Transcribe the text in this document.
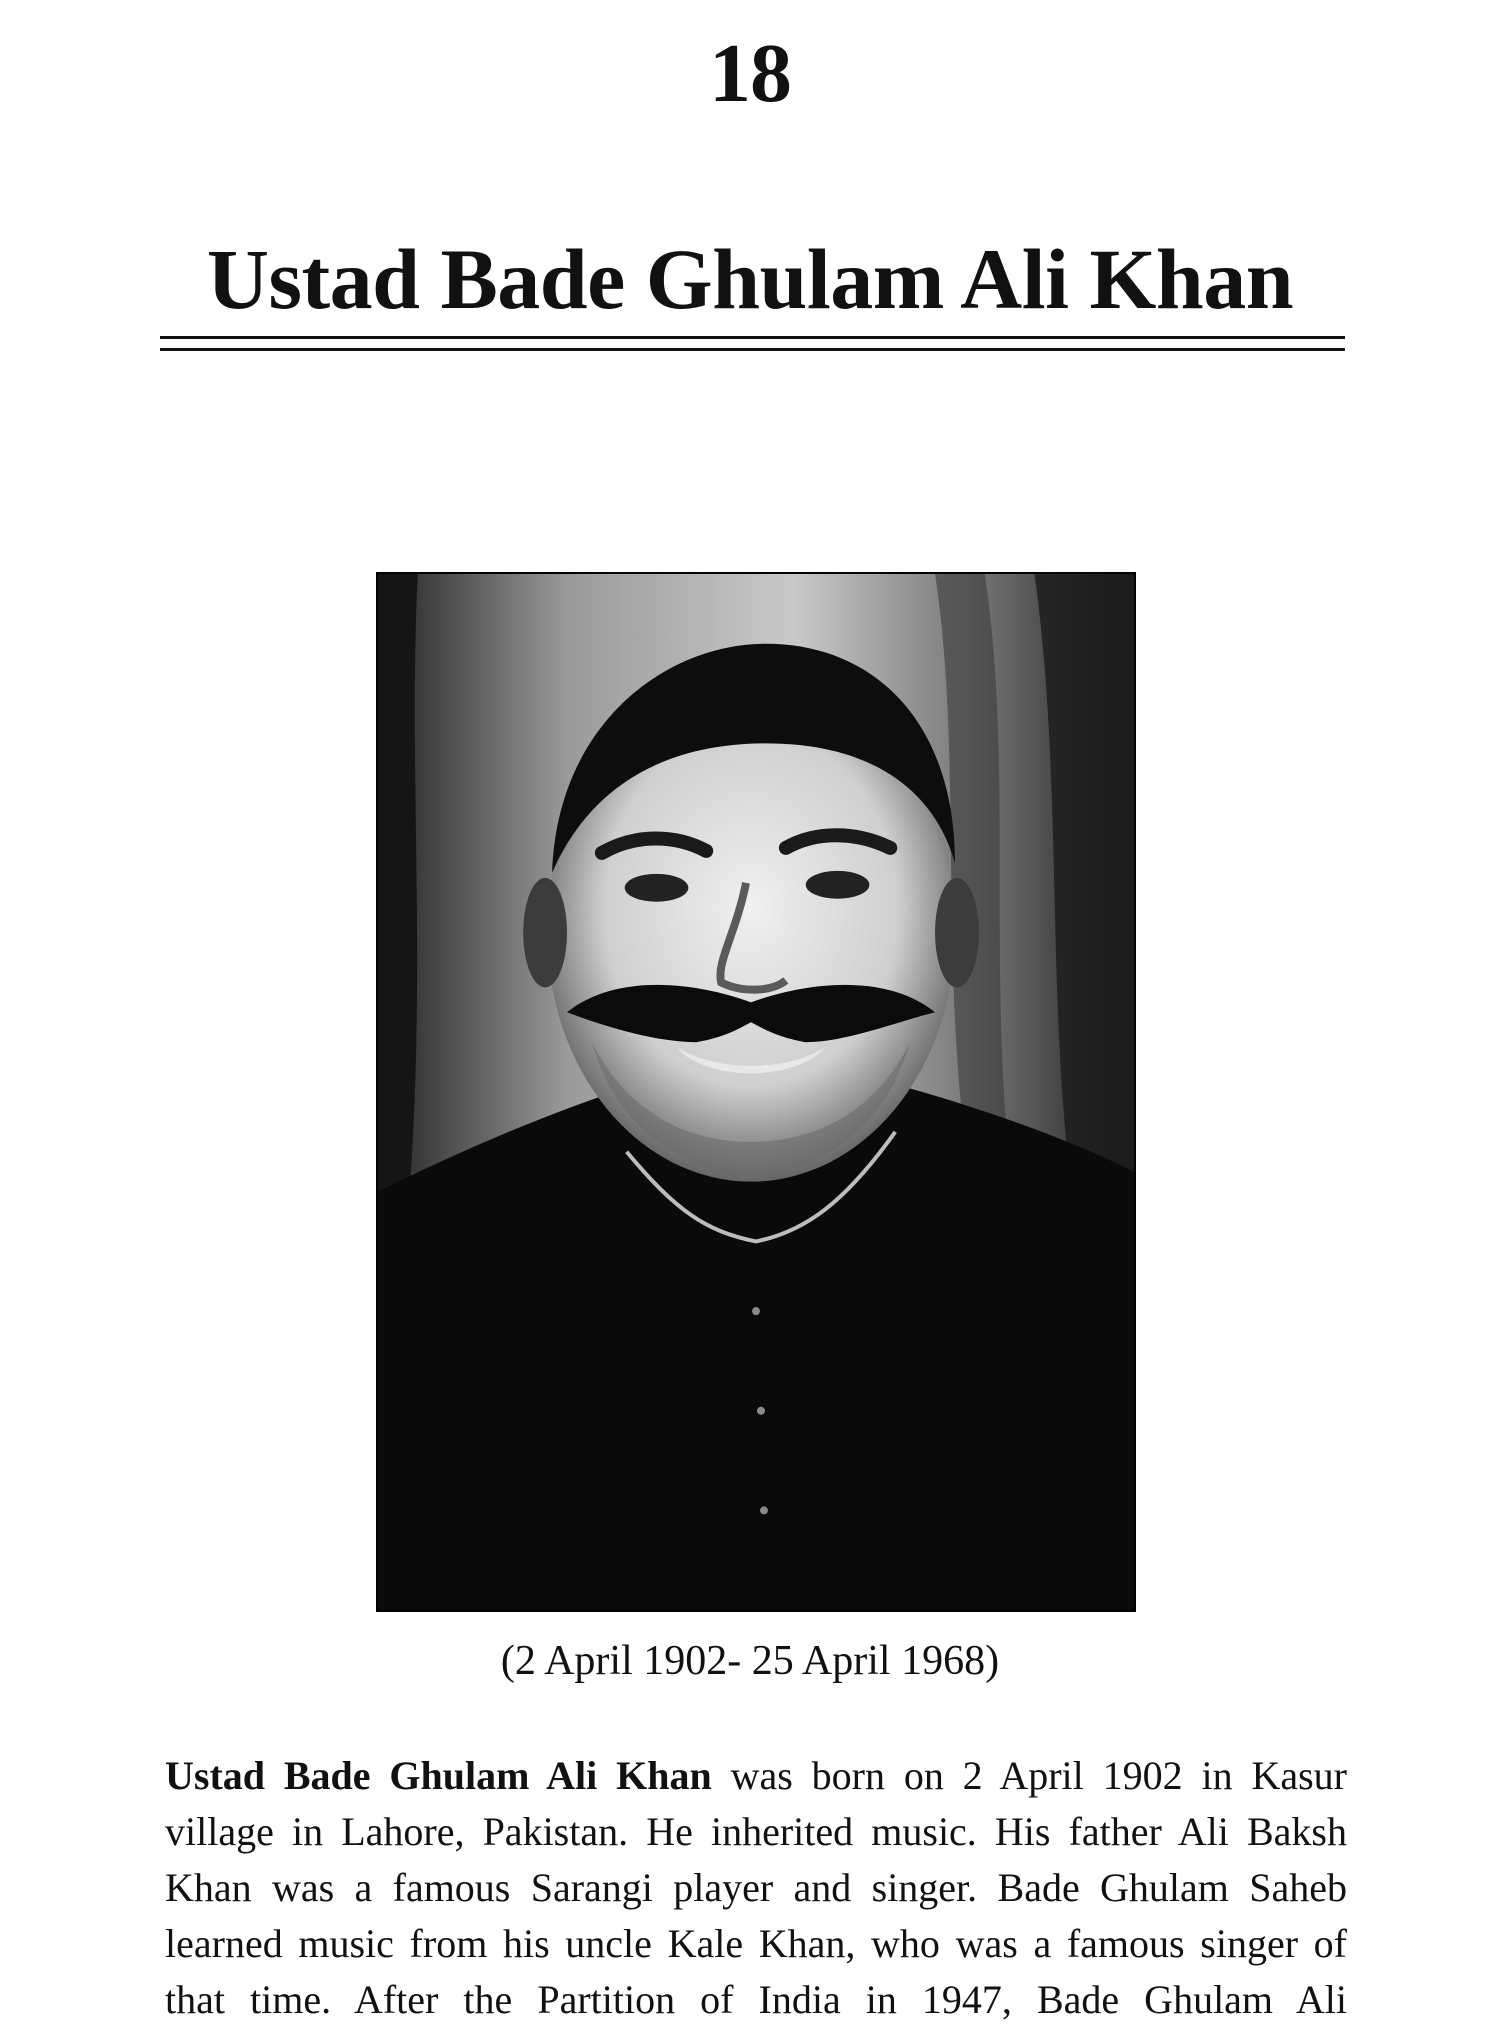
18
Ustad Bade Ghulam Ali Khan
(2 April 1902- 25 April 1968)

Ustad Bade Ghulam Ali Khan was born on 2 April 1902 in Kasur village in Lahore, Pakistan. He inherited music. His father Ali Baksh Khan was a famous Sarangi player and singer. Bade Ghulam Saheb learned music from his uncle Kale Khan, who was a famous singer of that time. After the Partition of India in 1947, Bade Ghulam Ali
